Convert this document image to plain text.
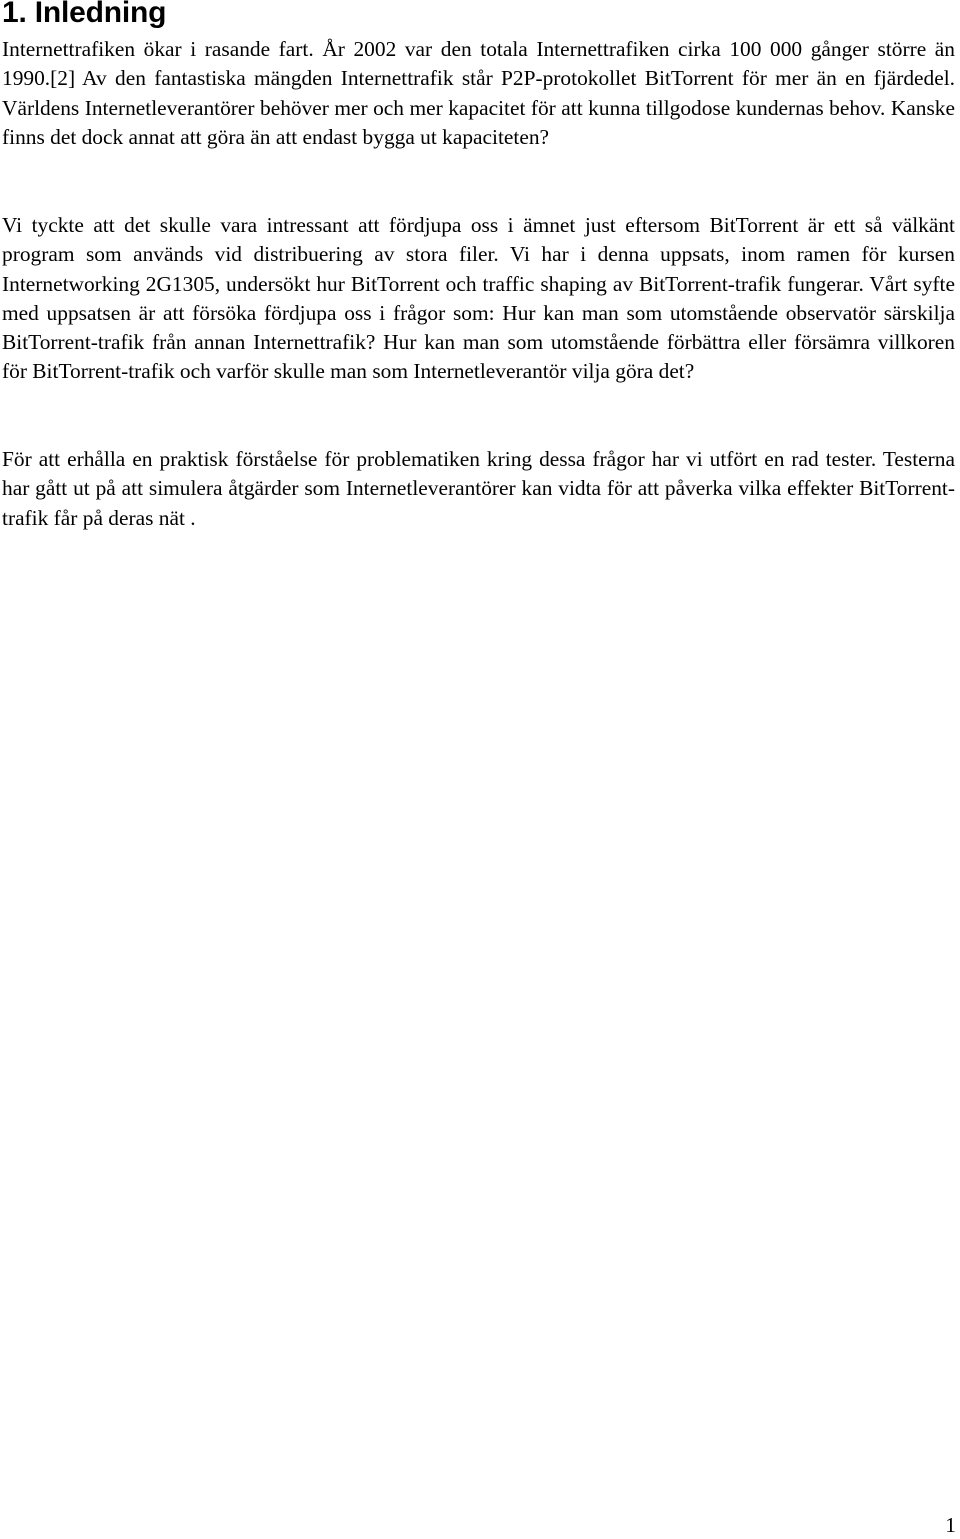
1. Inledning

Internettrafiken ökar i rasande fart. År 2002 var den totala Internettrafiken cirka 100 000 gånger större än 1990.[2] Av den fantastiska mängden Internettrafik står P2P-protokollet BitTorrent för mer än en fjärdedel. Världens Internetleverantörer behöver mer och mer kapacitet för att kunna tillgodose kundernas behov. Kanske finns det dock annat att göra än att endast bygga ut kapaciteten?

Vi tyckte att det skulle vara intressant att fördjupa oss i ämnet just eftersom BitTorrent är ett så välkänt program som används vid distribuering av stora filer. Vi har i denna uppsats, inom ramen för kursen Internetworking 2G1305, undersökt hur BitTorrent och traffic shaping av BitTorrent-trafik fungerar. Vårt syfte med uppsatsen är att försöka fördjupa oss i frågor som: Hur kan man som utomstående observatör särskilja BitTorrent-trafik från annan Internettrafik? Hur kan man som utomstående förbättra eller försämra villkoren för BitTorrent-trafik och varför skulle man som Internetleverantör vilja göra det?

För att erhålla en praktisk förståelse för problematiken kring dessa frågor har vi utfört en rad tester. Testerna har gått ut på att simulera åtgärder som Internetleverantörer kan vidta för att påverka vilka effekter BitTorrent-trafik får på deras nät .

1
